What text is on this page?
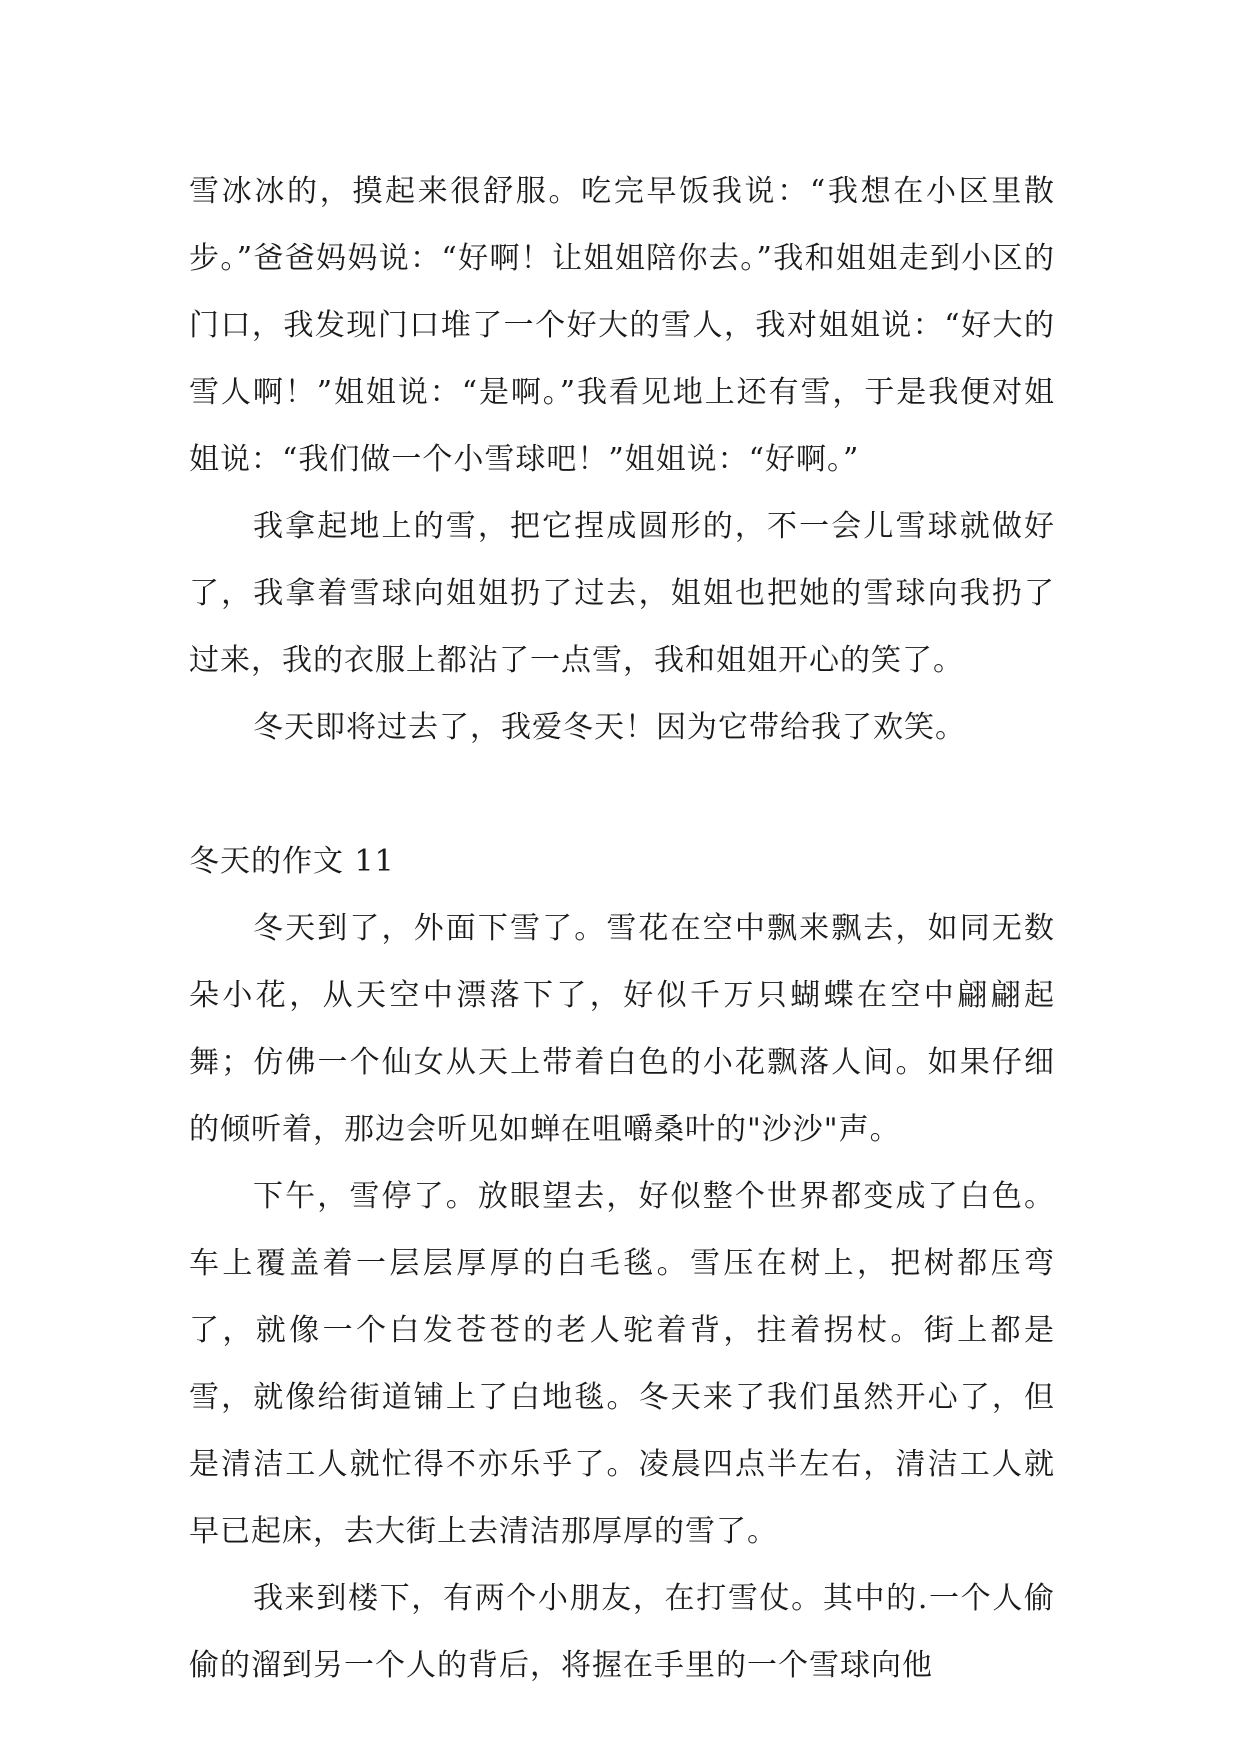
雪冰冰的，摸起来很舒服。吃完早饭我说：“我想在小区里散步。”爸爸妈妈说：“好啊！让姐姐陪你去。”我和姐姐走到小区的门口，我发现门口堆了一个好大的雪人，我对姐姐说：“好大的雪人啊！”姐姐说：“是啊。”我看见地上还有雪，于是我便对姐姐说：“我们做一个小雪球吧！”姐姐说：“好啊。”

我拿起地上的雪，把它捏成圆形的，不一会儿雪球就做好了，我拿着雪球向姐姐扔了过去，姐姐也把她的雪球向我扔了过来，我的衣服上都沾了一点雪，我和姐姐开心的笑了。

冬天即将过去了，我爱冬天！因为它带给我了欢笑。

冬天的作文 11

冬天到了，外面下雪了。雪花在空中飘来飘去，如同无数朵小花，从天空中漂落下了，好似千万只蝴蝶在空中翩翩起舞；仿佛一个仙女从天上带着白色的小花飘落人间。如果仔细的倾听着，那边会听见如蝉在咀嚼桑叶的"沙沙"声。

下午，雪停了。放眼望去，好似整个世界都变成了白色。车上覆盖着一层层厚厚的白毛毯。雪压在树上，把树都压弯了，就像一个白发苍苍的老人驼着背，拄着拐杖。街上都是雪，就像给街道铺上了白地毯。冬天来了我们虽然开心了，但是清洁工人就忙得不亦乐乎了。凌晨四点半左右，清洁工人就早已起床，去大街上去清洁那厚厚的雪了。

我来到楼下，有两个小朋友，在打雪仗。其中的.一个人偷偷的溜到另一个人的背后，将握在手里的一个雪球向他
